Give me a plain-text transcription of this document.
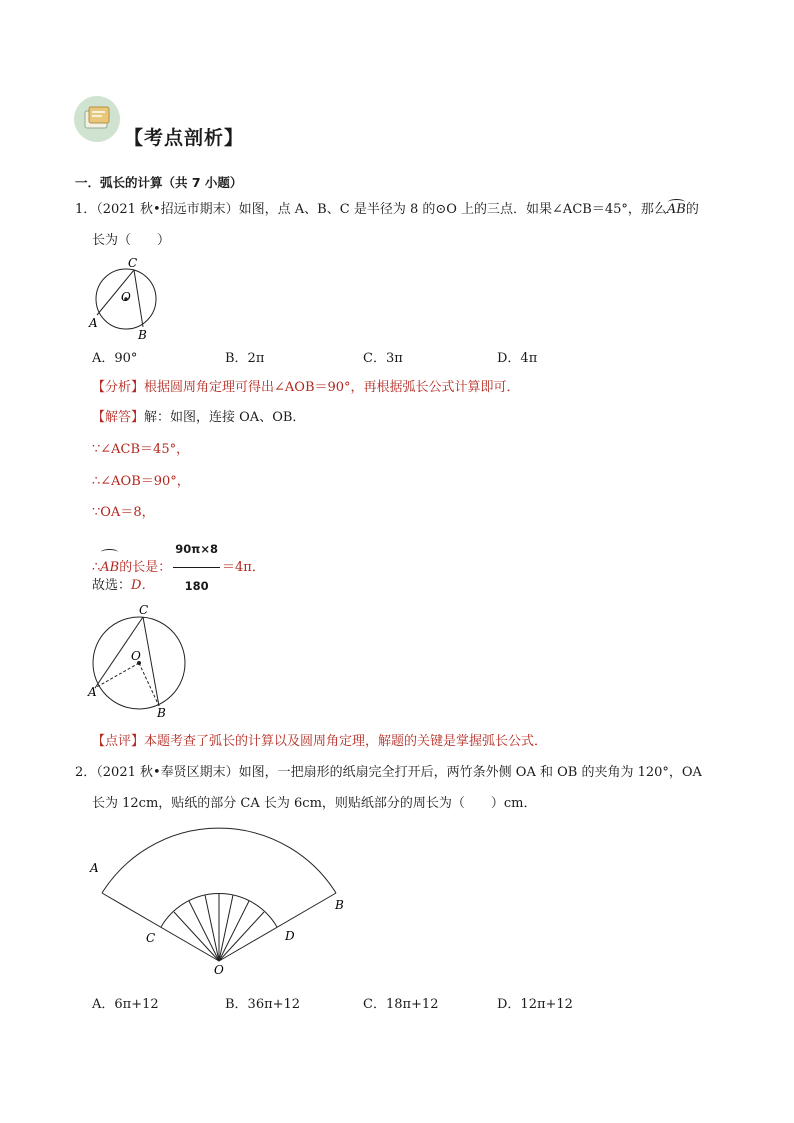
【考点剖析】
一．弧长的计算（共 7 小题）
1．（2021 秋•招远市期末）如图，点 A、B、C 是半径为 8 的⊙O 上的三点．如果∠ACB＝45°，那么AB的
长为（　　）
C
O
A
B
A．90°	B．2π	C．3π	D．4π
【分析】根据圆周角定理可得出∠AOB＝90°，再根据弧长公式计算即可．
【解答】解：如图，连接 OA、OB．
∵∠ACB＝45°，
∴∠AOB＝90°，
∵OA＝8，
∴AB的长是： $\frac{90\pi\times 8}{180} =4\pi$．
故选：D．
C
O
A
B
【点评】本题考查了弧长的计算以及圆周角定理，解题的关键是掌握弧长公式．
2．（2021 秋•奉贤区期末）如图，一把扇形的纸扇完全打开后，两竹条外侧 OA 和 OB 的夹角为 120°，OA
长为 12cm，贴纸的部分 CA 长为 6cm，则贴纸部分的周长为（　　）cm．
A
B
C	D
O
A．6π+12	B．36π+12	C．18π+12	D．12π+12
